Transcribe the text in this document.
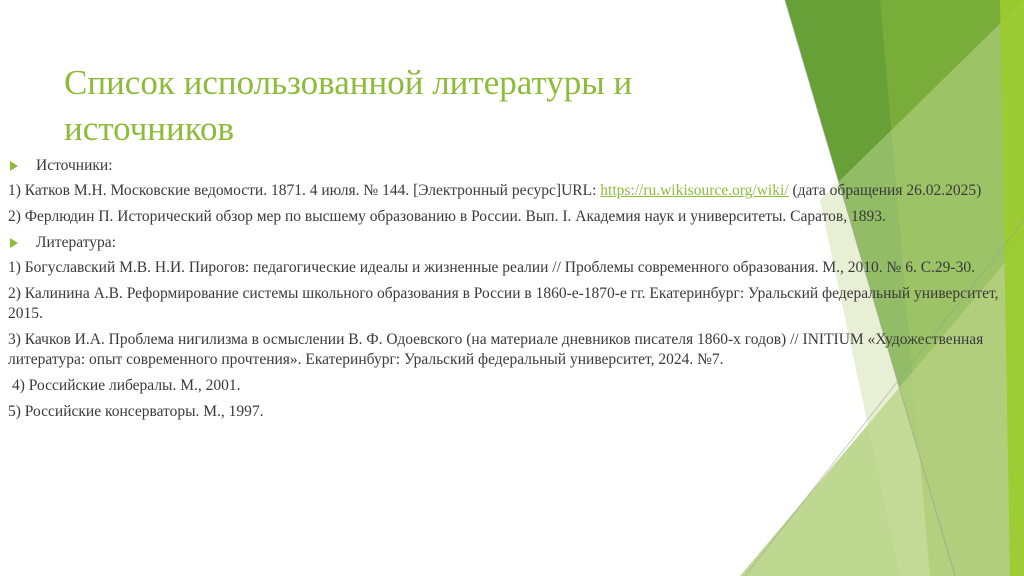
Список использованной литературы и источников
Источники:

1) Катков М.Н. Московские ведомости. 1871. 4 июля. № 144. [Электронный ресурс]URL: https://ru.wikisource.org/wiki/ (дата обращения 26.02.2025)

2) Ферлюдин П. Исторический обзор мер по высшему образованию в России. Вып. I. Академия наук и университеты. Саратов, 1893.

Литература:

1) Богуславский М.В. Н.И. Пирогов: педагогические идеалы и жизненные реалии // Проблемы современного образования. М., 2010. № 6. С.29-30.

2) Калинина А.В. Реформирование системы школьного образования в России в 1860-е-1870-е гг. Екатеринбург: Уральский федеральный университет, 2015.

3) Качков И.А. Проблема нигилизма в осмыслении В. Ф. Одоевского (на материале дневников писателя 1860-х годов) // INITIUM «Художественная литература: опыт современного прочтения». Екатеринбург: Уральский федеральный университет, 2024. №7.

4) Российские либералы. М., 2001.

5) Российские консерваторы. М., 1997.
